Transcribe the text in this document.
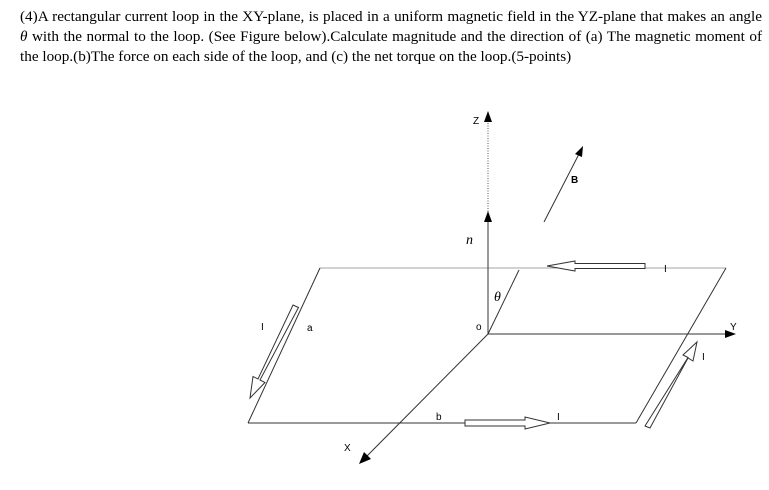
(4)A rectangular current loop in the XY-plane, is placed in a uniform magnetic field in the YZ-plane that makes an angle θ with the normal to the loop. (See Figure below).Calculate magnitude and the direction of (a) The magnetic moment of the loop.(b)The force on each side of the loop, and (c) the net torque on the loop.(5-points)

Z
Y
X
o
n
θ
B
a
b
I
I
I
I
